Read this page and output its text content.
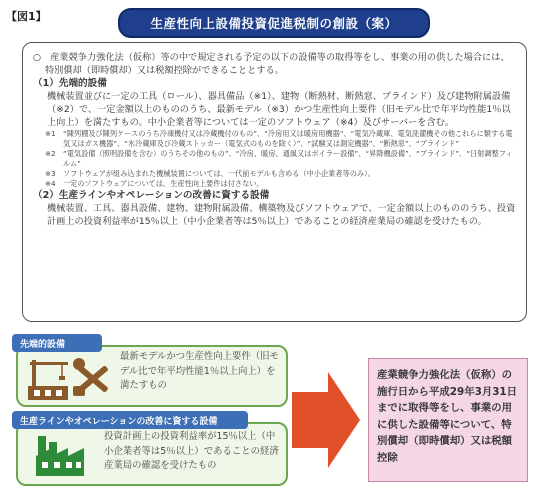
【図1】	生産性向上設備投資促進税制の創設（案）

○　産業競争力強化法（仮称）等の中で規定される予定の以下の設備等の取得等をし、事業の用の供した場合には、特別償却（即時償却）又は税額控除ができることとする。

（1）先端的設備

機械装置並びに一定の工具（ロール）、器具備品（※1）、建物（断熱材、断熱窓、ブラインド）及び建物附属設備（※2）で、一定金額以上のもののうち、最新モデル（※3）かつ生産性向上要件（旧モデル比で年平均性能1％以上向上）を満たすもの。中小企業者等については一定のソフトウェア（※4）及びサーバーを含む。

※1 “陳列棚及び陳列ケースのうち冷凍機付又は冷蔵機付のもの”、“冷房用又は暖房用機器”、“電気冷蔵庫、電気洗濯機その他これらに類する電気又はガス機器”、“氷冷蔵庫及び冷蔵ストッカー（電気式のものを除く）”、“試験又は測定機器”、“断熱窓”、“ブラインド”

※2 “電気設備（照明設備を含む）のうちその他のもの”、“冷房、暖房、通風又はボイラー設備”、“昇降機設備”、“ブラインド”、“日射調整フィルム”

※3 ソフトウェアが組み込まれた機械装置については、一代前モデルも含める（中小企業者等のみ）。

※4 一定のソフトウェアについては、生産性向上要件は付さない。

（2）生産ラインやオペレーションの改善に資する設備

機械装置、工具、器具設備、建物、建物附属設備、構築物及びソフトウェアで、一定金額以上のもののうち、投資計画上の投資利益率が15％以上（中小企業者等は5％以上）であることの経済産業局の確認を受けたもの。

先端的設備
最新モデルかつ生産性向上要件（旧モデル比で年平均性能1％以上向上）を満たすもの
生産ラインやオペレーションの改善に資する設備
投資計画上の投資利益率が15％以上（中小企業者等は5％以上）であることの経済産業局の確認を受けたもの
産業競争力強化法（仮称）の施行日から平成29年3月31日までに取得等をし、事業の用に供した設備等について、特別償却（即時償却）又は税額控除
